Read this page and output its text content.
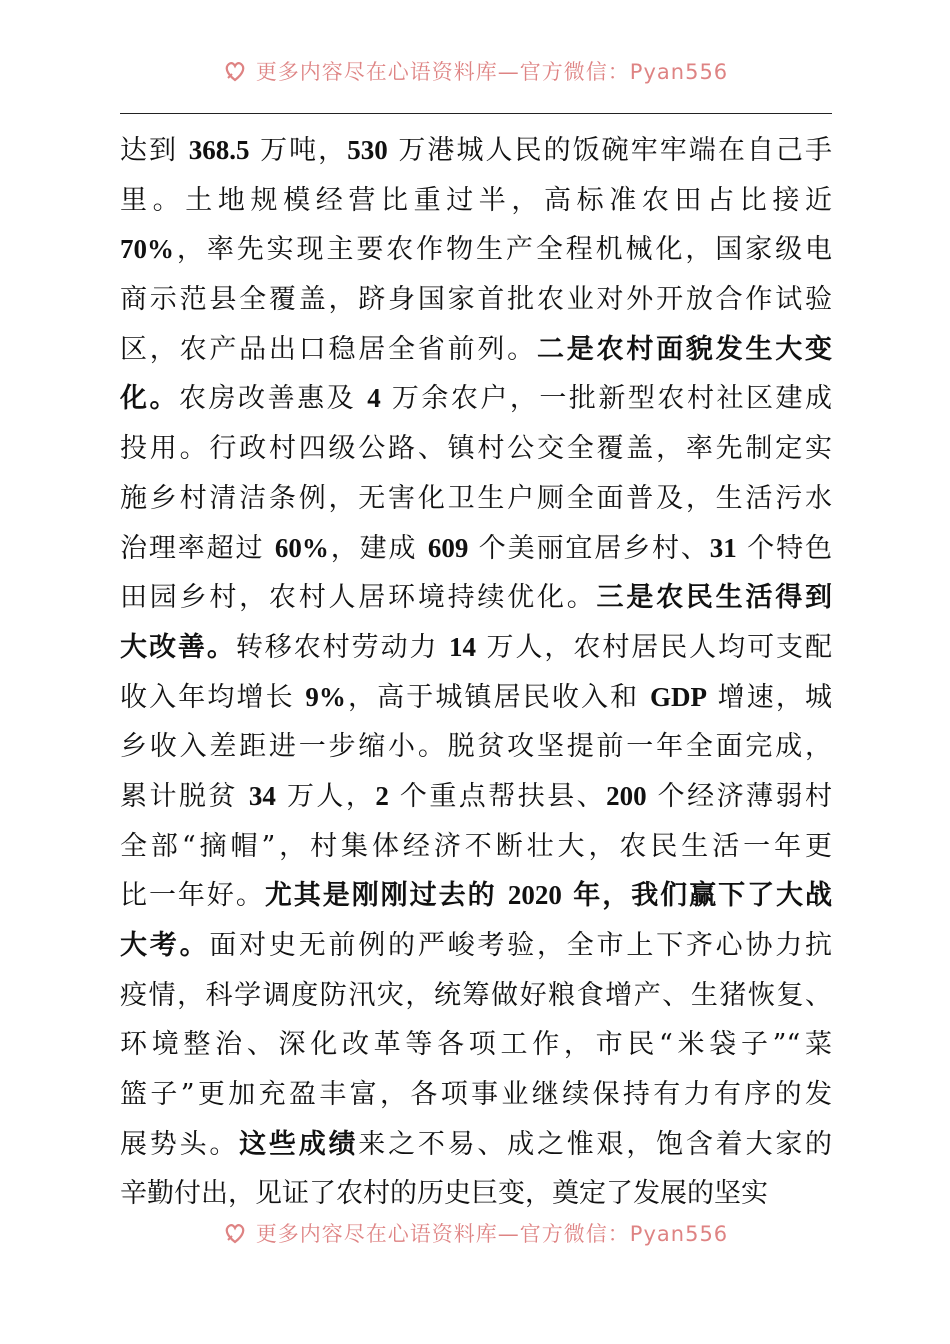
更多内容尽在心语资料库—官方微信：Pyan556
达到 368.5 万吨，530 万港城人民的饭碗牢牢端在自己手
里。土地规模经营比重过半，高标准农田占比接近
70%，率先实现主要农作物生产全程机械化，国家级电
商示范县全覆盖，跻身国家首批农业对外开放合作试验
区，农产品出口稳居全省前列。二是农村面貌发生大变
化。农房改善惠及 4 万余农户，一批新型农村社区建成
投用。行政村四级公路、镇村公交全覆盖，率先制定实
施乡村清洁条例，无害化卫生户厕全面普及，生活污水
治理率超过 60%，建成 609 个美丽宜居乡村、31 个特色
田园乡村，农村人居环境持续优化。三是农民生活得到
大改善。转移农村劳动力 14 万人，农村居民人均可支配
收入年均增长 9%，高于城镇居民收入和 GDP 增速，城
乡收入差距进一步缩小。脱贫攻坚提前一年全面完成，
累计脱贫 34 万人，2 个重点帮扶县、200 个经济薄弱村
全部“摘帽”，村集体经济不断壮大，农民生活一年更
比一年好。尤其是刚刚过去的 2020 年，我们赢下了大战
大考。面对史无前例的严峻考验，全市上下齐心协力抗
疫情，科学调度防汛灾，统筹做好粮食增产、生猪恢复、
环境整治、深化改革等各项工作，市民“米袋子”“菜
篮子”更加充盈丰富，各项事业继续保持有力有序的发
展势头。这些成绩来之不易、成之惟艰，饱含着大家的
辛勤付出，见证了农村的历史巨变，奠定了发展的坚实
更多内容尽在心语资料库—官方微信：Pyan556
